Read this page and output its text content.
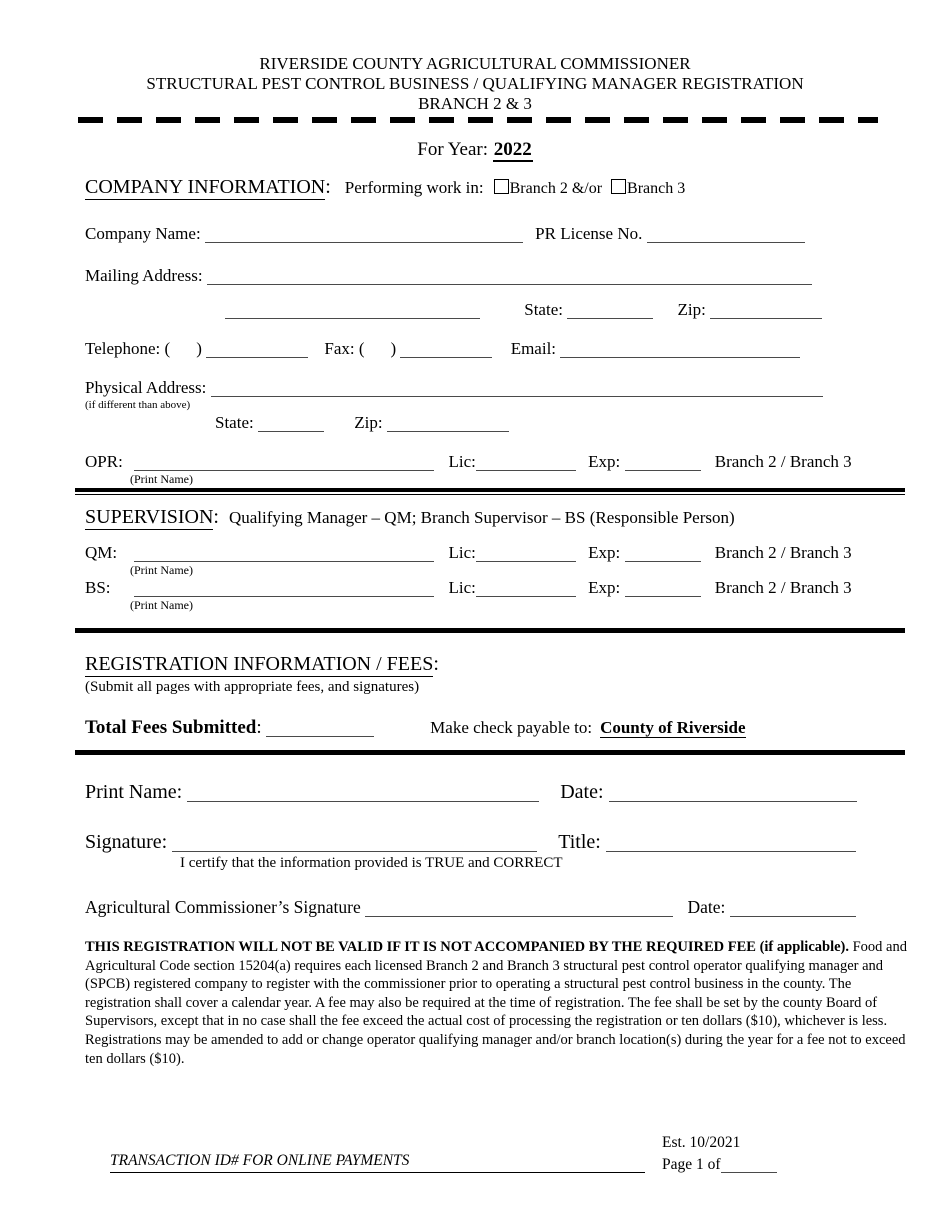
RIVERSIDE COUNTY AGRICULTURAL COMMISSIONER
STRUCTURAL PEST CONTROL BUSINESS / QUALIFYING MANAGER REGISTRATION
BRANCH 2 & 3
For Year: 2022
COMPANY INFORMATION: Performing work in: Branch 2 &/or Branch 3
Company Name:	PR License No.
Mailing Address:
State:	Zip:
Telephone: ( )	Fax: ( )	Email:
Physical Address:
(if different than above)
State:	Zip:
OPR:	Lic:	Exp:	Branch 2 / Branch 3
(Print Name)
SUPERVISION: Qualifying Manager – QM; Branch Supervisor – BS (Responsible Person)
QM:	Lic:	Exp:	Branch 2 / Branch 3
(Print Name)
BS:	Lic:	Exp:	Branch 2 / Branch 3
(Print Name)
REGISTRATION INFORMATION / FEES:
(Submit all pages with appropriate fees, and signatures)
Total Fees Submitted:	Make check payable to: County of Riverside
Print Name:	Date:
Signature:	Title:
I certify that the information provided is TRUE and CORRECT
Agricultural Commissioner’s Signature	Date:
THIS REGISTRATION WILL NOT BE VALID IF IT IS NOT ACCOMPANIED BY THE REQUIRED FEE (if applicable). Food and Agricultural Code section 15204(a) requires each licensed Branch 2 and Branch 3 structural pest control operator qualifying manager and (SPCB) registered company to register with the commissioner prior to operating a structural pest control business in the county. The registration shall cover a calendar year. A fee may also be required at the time of registration. The fee shall be set by the county Board of Supervisors, except that in no case shall the fee exceed the actual cost of processing the registration or ten dollars ($10), whichever is less. Registrations may be amended to add or change operator qualifying manager and/or branch location(s) during the year for a fee not to exceed ten dollars ($10).
TRANSACTION ID# FOR ONLINE PAYMENTS
Est. 10/2021
Page 1 of
